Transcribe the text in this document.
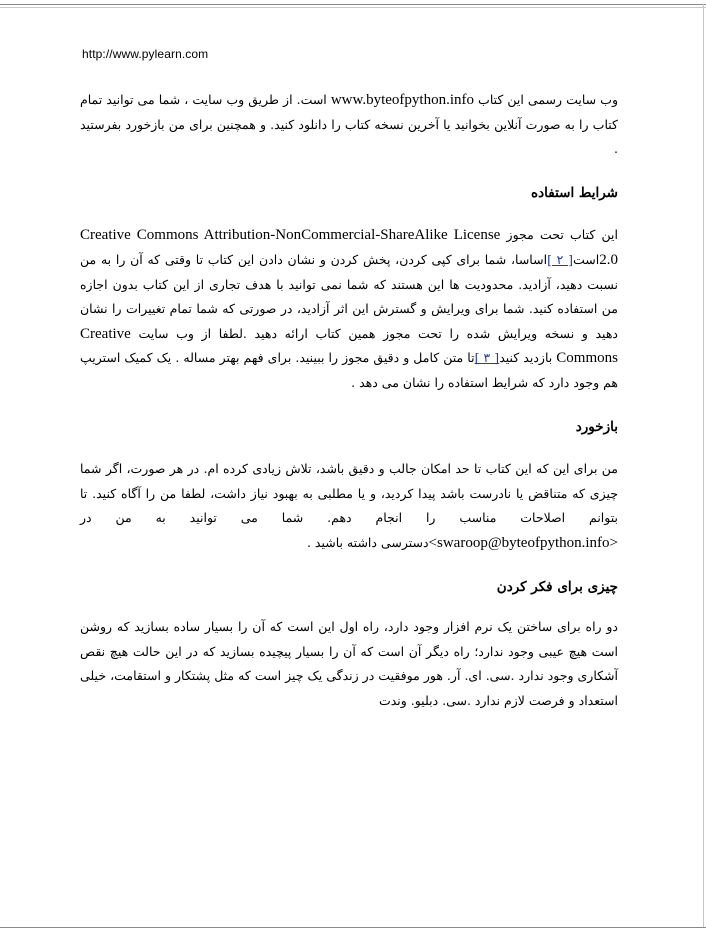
http://www.pylearn.com

وب سایت رسمی این کتاب www.byteofpython.info است. از طریق وب سایت ، شما می توانید تمام کتاب را به صورت آنلاین بخوانید یا آخرین نسخه کتاب را دانلود کنید. و همچنین برای من بازخورد بفرستید .

شرایط استفاده

این کتاب تحت مجوز Creative Commons Attribution-NonCommercial-ShareAlike License 2.0است[ ۲ ]اساسا، شما برای کپی کردن، پخش کردن و نشان دادن این کتاب تا وقتی که آن را به من نسبت دهید، آزادید. محدودیت ها این هستند که شما نمی توانید با هدف تجاری از این کتاب بدون اجازه من استفاده کنید. شما برای ویرایش و گسترش این اثر آزادید، در صورتی که شما تمام تغییرات را نشان دهید و نسخه ویرایش شده را تحت مجوز همین کتاب ارائه دهید .لطفا از وب سایت Creative Commons بازدید کنید[ ۳ ]تا متن کامل و دقیق مجوز را ببینید. برای فهم بهتر مساله . یک کمیک استریپ هم وجود دارد که شرایط استفاده را نشان می دهد .

بازخورد

من برای این که این کتاب تا حد امکان جالب و دقیق باشد، تلاش زیادی کرده ام. در هر صورت، اگر شما چیزی که متناقض یا نادرست باشد پیدا کردید، و یا مطلبی به بهبود نیاز داشت، لطفا من را آگاه کنید. تا بتوانم اصلاحات مناسب را انجام دهم. شما می توانید به من در <swaroop@byteofpython.info>دسترسی داشته باشید .

چیزی برای فکر کردن

دو راه برای ساختن یک نرم افزار وجود دارد، راه اول این است که آن را بسیار ساده بسازید که روشن است هیچ عیبی وجود ندارد؛ راه دیگر آن است که آن را بسیار پیچیده بسازید که در این حالت هیچ نقص آشکاری وجود ندارد .سی. ای. آر. هور موفقیت در زندگی یک چیز است که مثل پشتکار و استقامت، خیلی استعداد و فرصت لازم ندارد .سی. دبلیو. وندت
